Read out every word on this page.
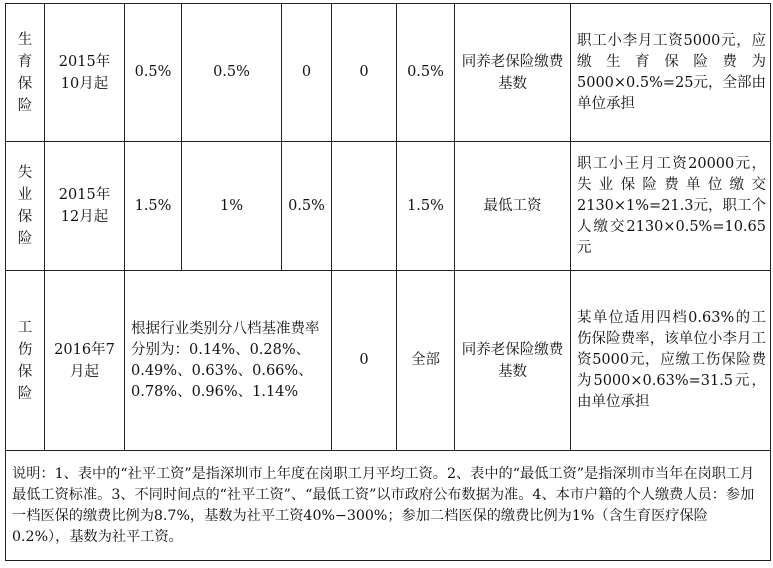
生
育
保
险	2015年10月起	0.5%	0.5%	0	0	0.5%	同养老保险缴费基数	职工小李月工资5000元，应缴生育保险费为5000×0.5%=25元，全部由单位承担

失
业
保
险	2015年12月起	1.5%	1%	0.5%		1.5%	最低工资	职工小王月工资20000元，失业保险费单位缴交2130×1%=21.3元，职工个人缴交2130×0.5%=10.65元

工
伤
保
险	2016年7月起	根据行业类别分八档基准费率分别为：0.14%、0.28%、0.49%、0.63%、0.66%、0.78%、0.96%、1.14%			0	全部	同养老保险缴费基数	某单位适用四档0.63%的工伤保险费率，该单位小李月工资5000元，应缴工伤保险费为5000×0.63%=31.5元，由单位承担
说明：1、表中的“社平工资”是指深圳市上年度在岗职工月平均工资。2、表中的“最低工资”是指深圳市当年在岗职工月最低工资标准。3、不同时间点的“社平工资”、“最低工资”以市政府公布数据为准。4、本市户籍的个人缴费人员：参加一档医保的缴费比例为8.7%，基数为社平工资40%−300%；参加二档医保的缴费比例为1%（含生育医疗保险0.2%），基数为社平工资。								
